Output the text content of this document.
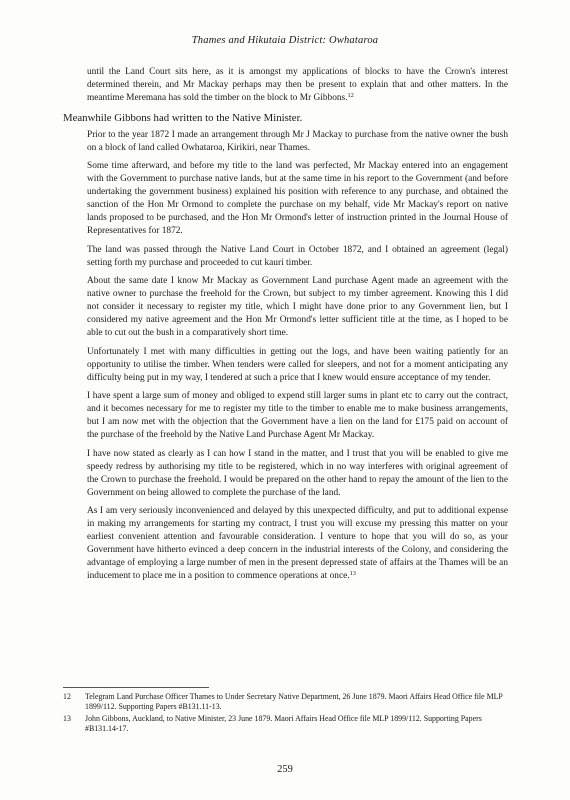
Thames and Hikutaia District: Owhataroa

until the Land Court sits here, as it is amongst my applications of blocks to have the Crown's interest determined therein, and Mr Mackay perhaps may then be present to explain that and other matters. In the meantime Meremana has sold the timber on the block to Mr Gibbons.$^{12}$

Meanwhile Gibbons had written to the Native Minister.

Prior to the year 1872 I made an arrangement through Mr J Mackay to purchase from the native owner the bush on a block of land called Owhataroa, Kirikiri, near Thames.

Some time afterward, and before my title to the land was perfected, Mr Mackay entered into an engagement with the Government to purchase native lands, but at the same time in his report to the Government (and before undertaking the government business) explained his position with reference to any purchase, and obtained the sanction of the Hon Mr Ormond to complete the purchase on my behalf, vide Mr Mackay's report on native lands proposed to be purchased, and the Hon Mr Ormond's letter of instruction printed in the Journal House of Representatives for 1872.

The land was passed through the Native Land Court in October 1872, and I obtained an agreement (legal) setting forth my purchase and proceeded to cut kauri timber.

About the same date I know Mr Mackay as Government Land purchase Agent made an agreement with the native owner to purchase the freehold for the Crown, but subject to my timber agreement. Knowing this I did not consider it necessary to register my title, which I might have done prior to any Government lien, but I considered my native agreement and the Hon Mr Ormond's letter sufficient title at the time, as I hoped to be able to cut out the bush in a comparatively short time.

Unfortunately I met with many difficulties in getting out the logs, and have been waiting patiently for an opportunity to utilise the timber. When tenders were called for sleepers, and not for a moment anticipating any difficulty being put in my way, I tendered at such a price that I knew would ensure acceptance of my tender.

I have spent a large sum of money and obliged to expend still larger sums in plant etc to carry out the contract, and it becomes necessary for me to register my title to the timber to enable me to make business arrangements, but I am now met with the objection that the Government have a lien on the land for £175 paid on account of the purchase of the freehold by the Native Land Purchase Agent Mr Mackay.

I have now stated as clearly as I can how I stand in the matter, and I trust that you will be enabled to give me speedy redress by authorising my title to be registered, which in no way interferes with original agreement of the Crown to purchase the freehold. I would be prepared on the other hand to repay the amount of the lien to the Government on being allowed to complete the purchase of the land.

As I am very seriously inconvenienced and delayed by this unexpected difficulty, and put to additional expense in making my arrangements for starting my contract, I trust you will excuse my pressing this matter on your earliest convenient attention and favourable consideration. I venture to hope that you will do so, as your Government have hitherto evinced a deep concern in the industrial interests of the Colony, and considering the advantage of employing a large number of men in the present depressed state of affairs at the Thames will be an inducement to place me in a position to commence operations at once.$^{13}$

12	Telegram Land Purchase Officer Thames to Under Secretary Native Department, 26 June 1879. Maori Affairs Head Office file MLP 1899/112. Supporting Papers #B131.11-13.
13	John Gibbons, Auckland, to Native Minister, 23 June 1879. Maori Affairs Head Office file MLP 1899/112. Supporting Papers #B131.14-17.
259
